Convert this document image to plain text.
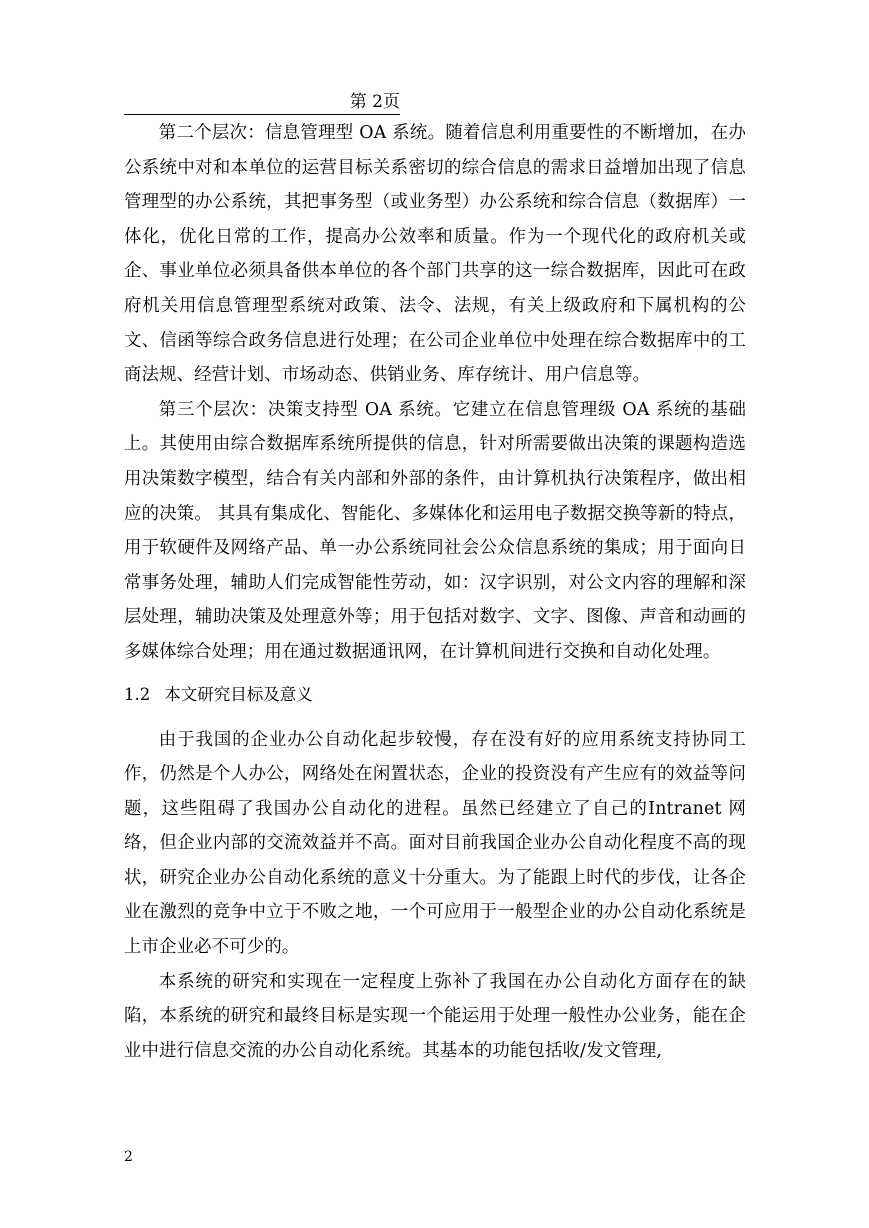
第 2页

第二个层次：信息管理型 OA 系统。随着信息利用重要性的不断增加，在办公系统中对和本单位的运营目标关系密切的综合信息的需求日益增加出现了信息管理型的办公系统，其把事务型（或业务型）办公系统和综合信息（数据库）一体化，优化日常的工作，提高办公效率和质量。作为一个现代化的政府机关或企、事业单位必须具备供本单位的各个部门共享的这一综合数据库，因此可在政府机关用信息管理型系统对政策、法令、法规，有关上级政府和下属机构的公文、信函等综合政务信息进行处理；在公司企业单位中处理在综合数据库中的工商法规、经营计划、市场动态、供销业务、库存统计、用户信息等。

第三个层次：决策支持型 OA 系统。它建立在信息管理级 OA 系统的基础上。其使用由综合数据库系统所提供的信息，针对所需要做出决策的课题构造选用决策数字模型，结合有关内部和外部的条件，由计算机执行决策程序，做出相应的决策。 其具有集成化、智能化、多媒体化和运用电子数据交换等新的特点，用于软硬件及网络产品、单一办公系统同社会公众信息系统的集成；用于面向日常事务处理，辅助人们完成智能性劳动，如：汉字识别，对公文内容的理解和深层处理，辅助决策及处理意外等；用于包括对数字、文字、图像、声音和动画的多媒体综合处理；用在通过数据通讯网，在计算机间进行交换和自动化处理。

1.2 本文研究目标及意义

由于我国的企业办公自动化起步较慢，存在没有好的应用系统支持协同工作，仍然是个人办公，网络处在闲置状态，企业的投资没有产生应有的效益等问题，这些阻碍了我国办公自动化的进程。虽然已经建立了自己的Intranet 网络，但企业内部的交流效益并不高。面对目前我国企业办公自动化程度不高的现状，研究企业办公自动化系统的意义十分重大。为了能跟上时代的步伐，让各企业在激烈的竞争中立于不败之地，一个可应用于一般型企业的办公自动化系统是上市企业必不可少的。

本系统的研究和实现在一定程度上弥补了我国在办公自动化方面存在的缺陷，本系统的研究和最终目标是实现一个能运用于处理一般性办公业务，能在企业中进行信息交流的办公自动化系统。其基本的功能包括收/发文管理,

2
